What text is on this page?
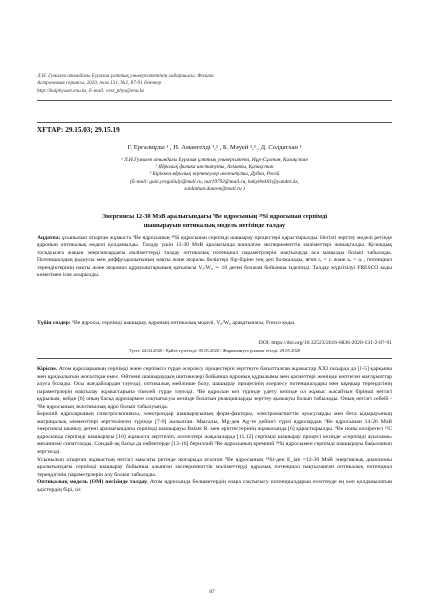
Л.Н. Гумилев атындағы Еуразия ұлттық университетінің хабаршысы. Физика.
Астрономия сериясы, 2020, том 131, №2, 87-91 беттер
http://bulphysast.enu.kz, E-mail: vest_phys@enu.kz
ХҒТАР: 29.15.03; 29.15.19
Г. Ергалиұлы ¹ , Н. Амангелді ¹,² , Б. Мәуей ²,³ , Д. Солдатхан ¹
¹ Л.Н.Гумилев атындағы Еуразия ұлттық университеті, Нұр-Сұлтан, Қазақстан
² Ядролық физика институты, Алматы, Қазақстан
³ Біріккен ядролық зерттеулер институты, Дубна, Ресей
(E-mail: gani.yergaliuly@mail.ru, nur19792@mail.ru, bakytbek01@yandex.kz,
soldathan.dauren@mail.ru )
Энергиясы 12-30 МэВ аралығындағы ⁹Ве ядросының ²⁸Si ядросынан серпімді
шашырауын оптикалық модель негізінде талдау
Аңдатпа: ұсынылып отырған жұмыста ⁹Ве ядросының ²⁸Si ядросынан серпімді шашырау процестері қарастырылды. Негізгі зерттеу моделі ретінде ядроның оптикалық моделі қолданылды. Талдау үшін 12-30 МэВ аралығында жиналған эксперименттік мәліметтері жинақталды. Кулондық тосқауылға жақын энергиялардағы мәліметтерді талдау оптикалық потенциал параметрлерін нақтылауда аса маңызды болып табылады. Потенциалдың радиусы мен диффуздылығының нақты және жоралы бөліктері бір-біріне тең деп болжалады, яғни rᵥ = rᵢ және aᵥ = aᵢ , потенциал тереңдіктерінің нақты және жорамал құрауыштарының қатынасы Vᵥ/W₀ ∼ 10 деген болжам бойынша ізделінді. Талдау жүргізілуі FRESCO коды көмегімен іске асырылды.
Түйін сөздер: ⁹Ве ядросы, серпімді шашырау, ядроның оптикалық моделі, V₀/W₀ арақатынасы, Fresco коды.
DOI: https://doi.org/10.32523/2616-6836-2020-131-2-87-91
Түсті: 24.04.2020 / Қайта түзетілді: 05.05.2020 / Жариялануға ұсыныт етілді: 29.05.2020

Кіріспе. Атом ядроларының серпімді және серпімсіз түрде әсерлесу процестерін зерттеуге бағытталған жұмыстар XXI ғасырда да [1-5] қарқыны мен құндылығын жоғалтқан емес. Өйткені шашыраудың шитикелерi бойынша ядроның құрылымы мен қасиеттері жөнінде көптеген мағлұматтар алуға болады. Осы жағдайлардан тәуелді, оптикалық мейлінше болу, шашырау процесінің әсерлесу потенциалдары мен шұңқыр тереңдігінің параметрлерін нақтылау жұмыстарына тікелей түрде тәуелді. ⁹Ве ядросын кез түрінде үдету кезінде ол жұмыс жасайтын бірінші негізгі құрылым, кейде [6] оның басқа ядролармен соқтығысуы кезінде болатын реакцияларды зерттеу қызықты болып табылады. Оның негізгі себебі - ⁹Ве ядросының экзотикалық ядро болып табылуында.

Берилий ядроларының спектроскопиясы, электрондар шашырауының форм-факторы, электромагниттік ауысуларды мен бета ыдырауының матрицалық элементтері зерттелінген түрінде [7-9] жазылған. Мысалы, Mg-дея Ag-те дейінгі түрлі ядролардан ⁹Ве ядросынан 14-26 МэВ энергиясы шыныу дегенi аралығындағы серпімді шашырауы Balzer R. мен әріптестерінің жұмысында [6] қарастырылды. ⁹Ве иоиы көлірегегі ¹²C ядросында серпімді шашырауы [10] жұмыста зерттеліп, әселелтері жақалаларда [11,12] серпімді шашырау процесі кезінде «серпімді ауысыма» механизмі сипатталды. Сондай-ақ басқа да еңбектерде [13-16] бериллий ⁹Ве ядросының кремний ²⁸Si ядросымен серпімді шашырауы бақыланып зерттелді.

Ұсынылып отырған жұмыстың негізгі мақсаты ретінде жоғарыда аталған ⁹Ве ядросының ²⁸Si-ден E_lab =12-30 МэВ энергиялық диапазоны аралығындағы серпімді шашырау бойынша алынған эксперименттік мәліметтерді ядролық потенциал нақтыланған оптикалық потенциал тереңдігінің параметрлерін алу болып табылады.

Оптикалық модель (ОМ) негізінде талдау. Атом ядросында бөлшектердің өзара соқтығысу потенциалдарын есептеуде ең көп қолданылатын әдістердің бірі, ол

87
